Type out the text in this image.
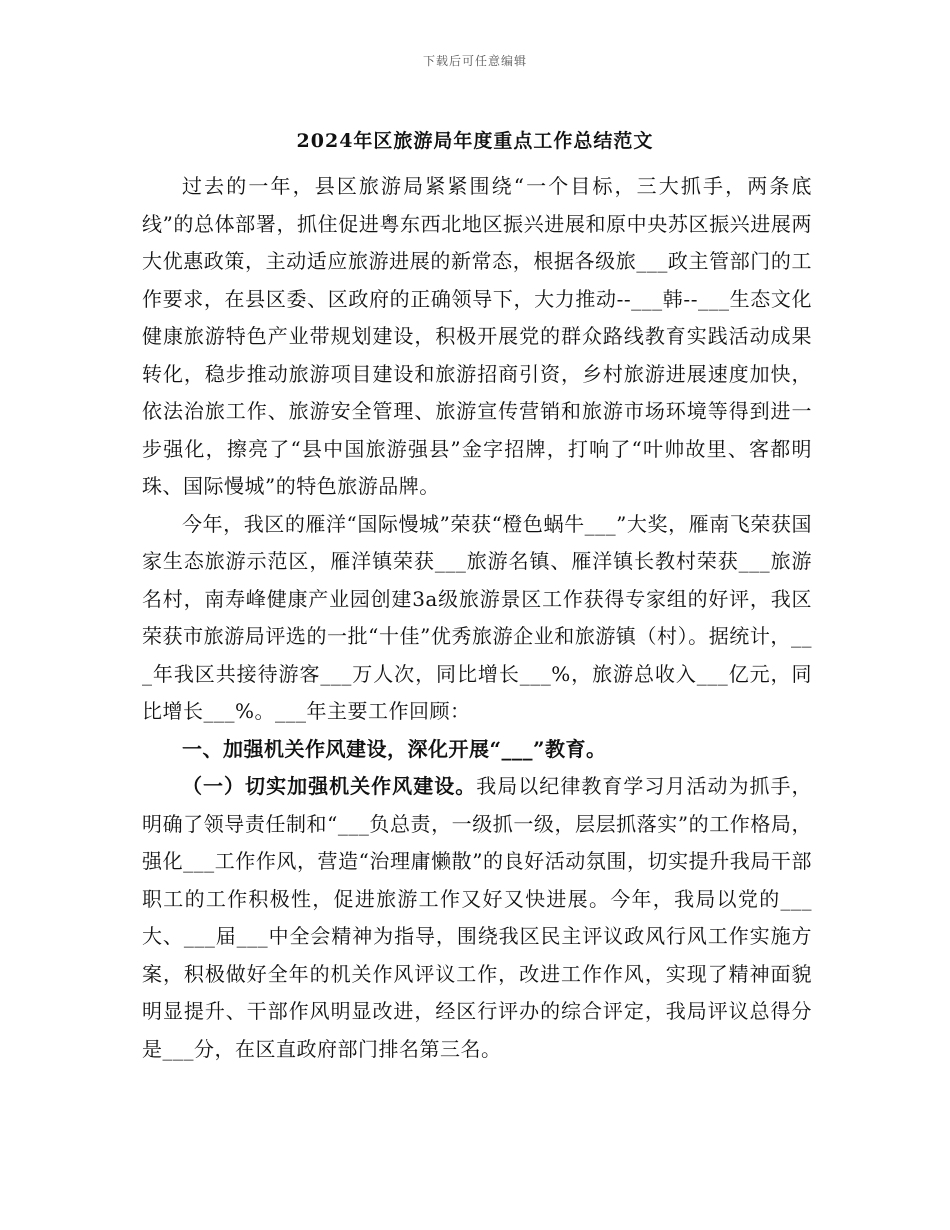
下载后可任意编辑
2024年区旅游局年度重点工作总结范文

过去的一年，县区旅游局紧紧围绕“一个目标，三大抓手，两条底线”的总体部署，抓住促进粤东西北地区振兴进展和原中央苏区振兴进展两大优惠政策，主动适应旅游进展的新常态，根据各级旅___政主管部门的工作要求，在县区委、区政府的正确领导下，大力推动--___韩--___生态文化健康旅游特色产业带规划建设，积极开展党的群众路线教育实践活动成果转化，稳步推动旅游项目建设和旅游招商引资，乡村旅游进展速度加快，依法治旅工作、旅游安全管理、旅游宣传营销和旅游市场环境等得到进一步强化，擦亮了“县中国旅游强县”金字招牌，打响了“叶帅故里、客都明珠、国际慢城”的特色旅游品牌。

今年，我区的雁洋“国际慢城”荣获“橙色蜗牛___”大奖，雁南飞荣获国家生态旅游示范区，雁洋镇荣获___旅游名镇、雁洋镇长教村荣获___旅游名村，南寿峰健康产业园创建3a级旅游景区工作获得专家组的好评，我区荣获市旅游局评选的一批“十佳”优秀旅游企业和旅游镇（村）。据统计，___年我区共接待游客___万人次，同比增长___%，旅游总收入___亿元，同比增长___%。___年主要工作回顾：

一、加强机关作风建设，深化开展“___”教育。

（一）切实加强机关作风建设。我局以纪律教育学习月活动为抓手，明确了领导责任制和“___负总责，一级抓一级，层层抓落实”的工作格局，强化___工作作风，营造“治理庸懒散”的良好活动氛围，切实提升我局干部职工的工作积极性，促进旅游工作又好又快进展。今年，我局以党的___大、___届___中全会精神为指导，围绕我区民主评议政风行风工作实施方案，积极做好全年的机关作风评议工作，改进工作作风，实现了精神面貌明显提升、干部作风明显改进，经区行评办的综合评定，我局评议总得分是___分，在区直政府部门排名第三名。
